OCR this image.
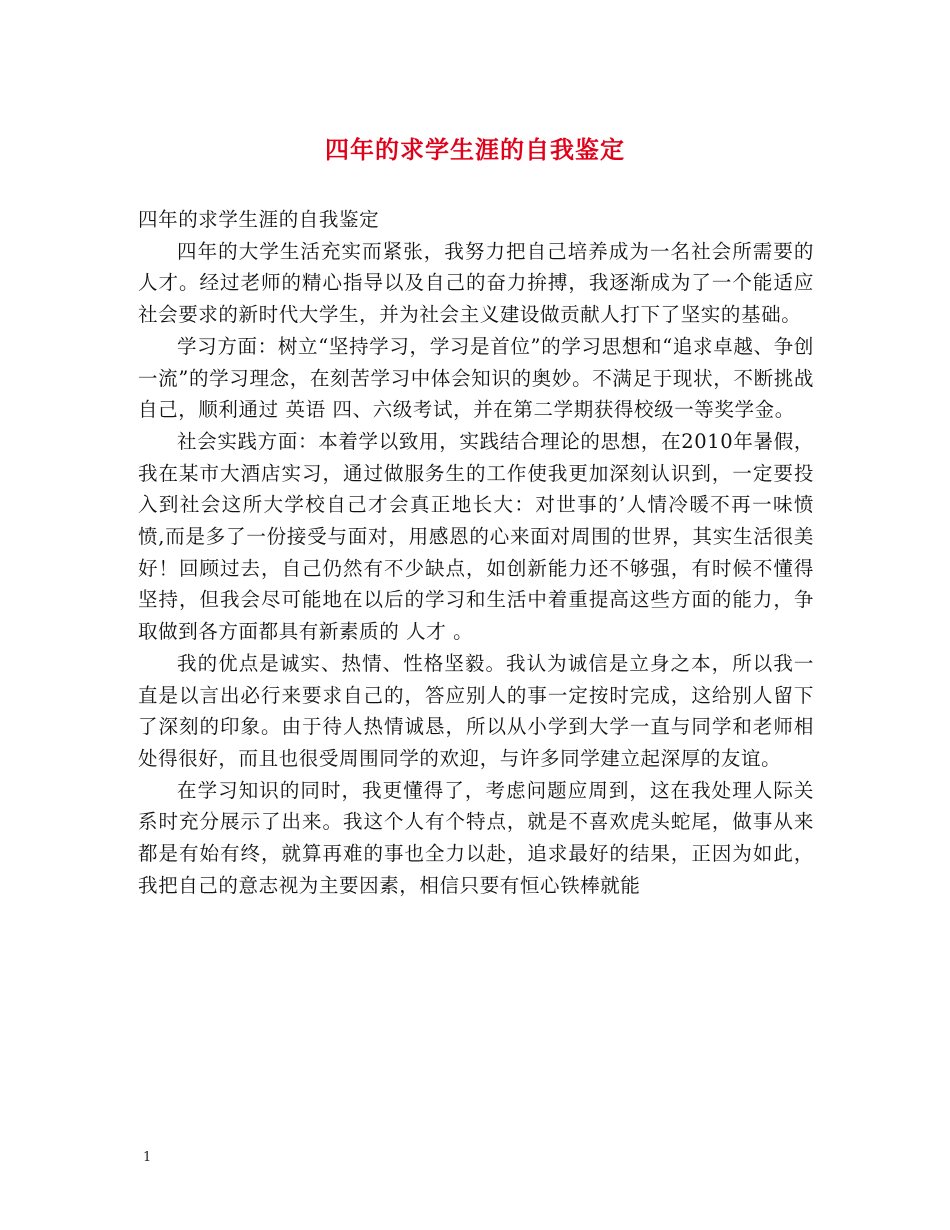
四年的求学生涯的自我鉴定

四年的求学生涯的自我鉴定

四年的大学生活充实而紧张，我努力把自己培养成为一名社会所需要的人才。经过老师的精心指导以及自己的奋力拚搏，我逐渐成为了一个能适应社会要求的新时代大学生，并为社会主义建设做贡献人打下了坚实的基础。

学习方面：树立“坚持学习，学习是首位”的学习思想和“追求卓越、争创一流”的学习理念，在刻苦学习中体会知识的奥妙。不满足于现状，不断挑战自己，顺利通过 英语 四、六级考试，并在第二学期获得校级一等奖学金。

社会实践方面：本着学以致用，实践结合理论的思想，在2010年暑假，我在某市大酒店实习，通过做服务生的工作使我更加深刻认识到，一定要投入到社会这所大学校自己才会真正地长大：对世事的’人情冷暖不再一味愤愤,而是多了一份接受与面对，用感恩的心来面对周围的世界，其实生活很美好！回顾过去，自己仍然有不少缺点，如创新能力还不够强，有时候不懂得坚持，但我会尽可能地在以后的学习和生活中着重提高这些方面的能力，争取做到各方面都具有新素质的 人才 。

我的优点是诚实、热情、性格坚毅。我认为诚信是立身之本，所以我一直是以言出必行来要求自己的，答应别人的事一定按时完成，这给别人留下了深刻的印象。由于待人热情诚恳，所以从小学到大学一直与同学和老师相处得很好，而且也很受周围同学的欢迎，与许多同学建立起深厚的友谊。

在学习知识的同时，我更懂得了，考虑问题应周到，这在我处理人际关系时充分展示了出来。我这个人有个特点，就是不喜欢虎头蛇尾，做事从来都是有始有终，就算再难的事也全力以赴，追求最好的结果，正因为如此，我把自己的意志视为主要因素，相信只要有恒心铁棒就能

1
